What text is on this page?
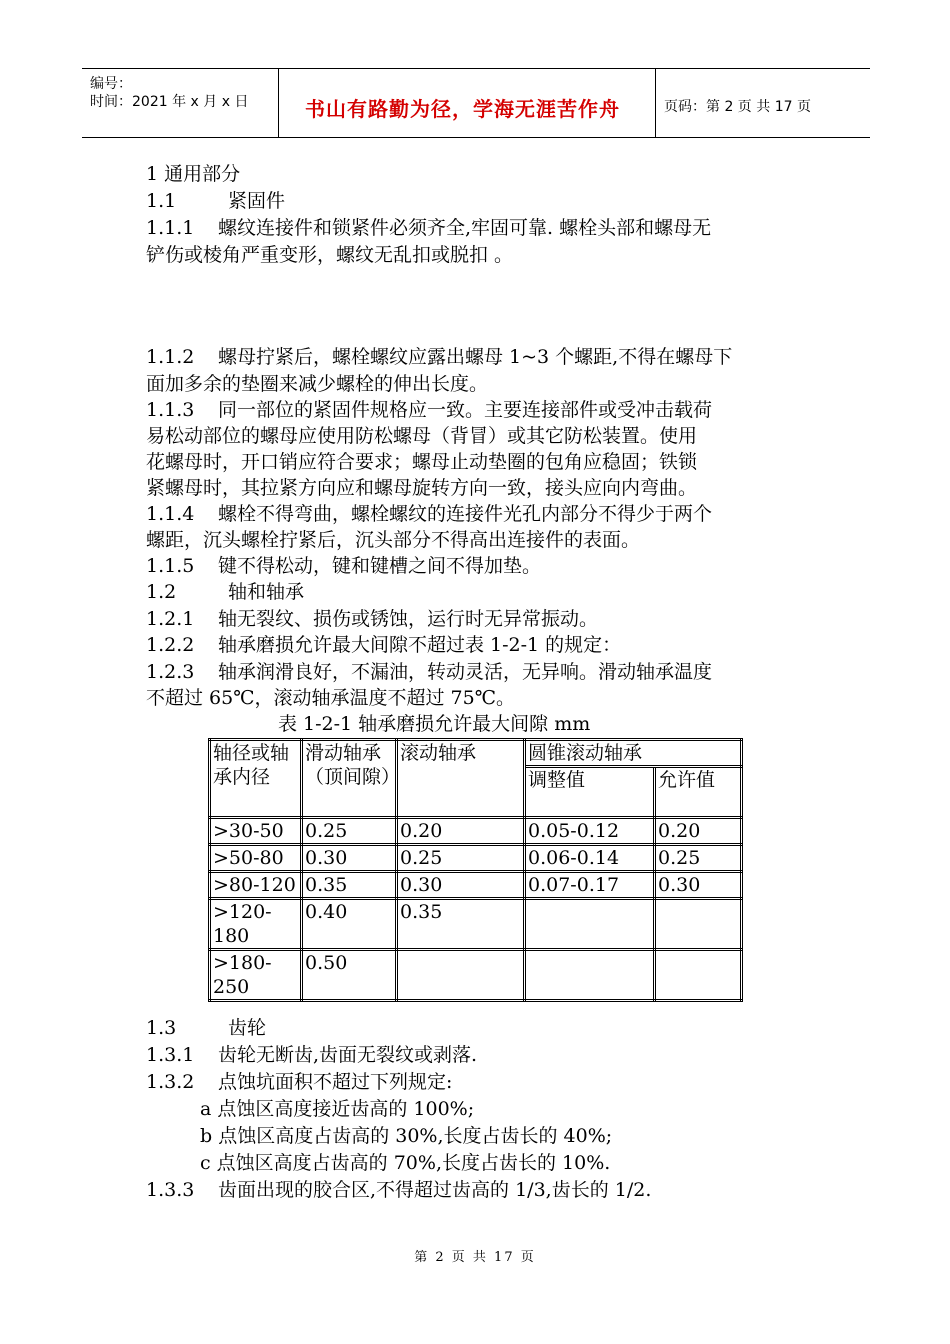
编号：
时间：2021 年 x 月 x 日	书山有路勤为径，学海无涯苦作舟	页码：第 2 页 共 17 页
1 通用部分
1.1	紧固件
1.1.1 螺纹连接件和锁紧件必须齐全,牢固可靠. 螺栓头部和螺母无
铲伤或棱角严重变形，螺纹无乱扣或脱扣 。
1.1.2 螺母拧紧后，螺栓螺纹应露出螺母 1~3 个螺距,不得在螺母下
面加多余的垫圈来减少螺栓的伸出长度。
1.1.3 同一部位的紧固件规格应一致。主要连接部件或受冲击载荷
易松动部位的螺母应使用防松螺母（背冒）或其它防松装置。使用
花螺母时，开口销应符合要求；螺母止动垫圈的包角应稳固；铁锁
紧螺母时，其拉紧方向应和螺母旋转方向一致，接头应向内弯曲。
1.1.4 螺栓不得弯曲，螺栓螺纹的连接件光孔内部分不得少于两个
螺距，沉头螺栓拧紧后，沉头部分不得高出连接件的表面。
1.1.5 键不得松动，键和键槽之间不得加垫。
1.2	轴和轴承
1.2.1 轴无裂纹、损伤或锈蚀，运行时无异常振动。
1.2.2 轴承磨损允许最大间隙不超过表 1-2-1 的规定：
1.2.3 轴承润滑良好，不漏油，转动灵活，无异响。滑动轴承温度
不超过 65℃，滚动轴承温度不超过 75℃。
表 1-2-1 轴承磨损允许最大间隙 mm
轴径或轴承内径	滑动轴承（顶间隙）	滚动轴承	圆锥滚动轴承	
			调整值	允许值
>30-50	0.25	0.20	0.05-0.12	0.20
>50-80	0.30	0.25	0.06-0.14	0.25
>80-120	0.35	0.30	0.07-0.17	0.30
>120-180	0.40	0.35		
>180-250	0.50			
1.3	齿轮
1.3.1 齿轮无断齿,齿面无裂纹或剥落.
1.3.2 点蚀坑面积不超过下列规定:
a 点蚀区高度接近齿高的 100%;
b 点蚀区高度占齿高的 30%,长度占齿长的 40%;
c 点蚀区高度占齿高的 70%,长度占齿长的 10%.
1.3.3 齿面出现的胶合区,不得超过齿高的 1/3,齿长的 1/2.
第 2 页 共 17 页
